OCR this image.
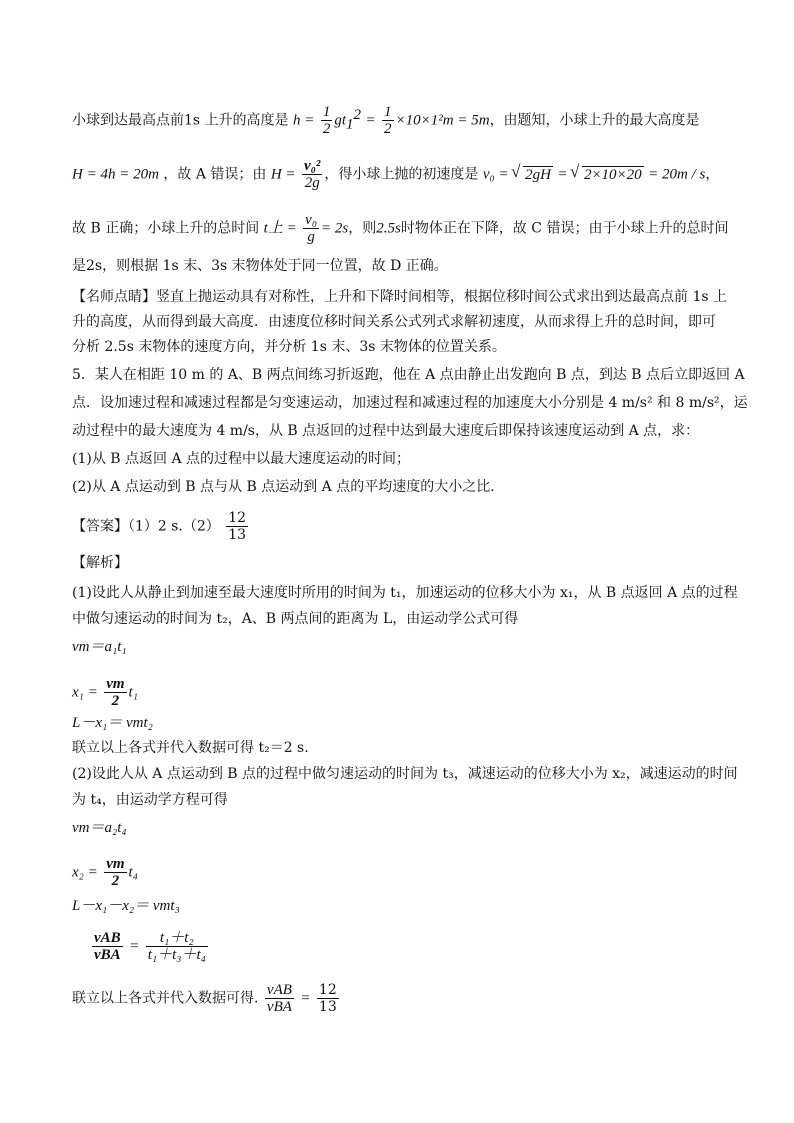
小球到达最高点前1s 上升的高度是 $h = \frac{1}{2} gt_1^2 = \frac{1}{2} \times 10\times 1^2m = 5m$，由题知，小球上升的最大高度是
H = 4h = 20m ，故 A 错误；由 $H = \frac{\text{v₀²}}{2g}$ ，得小球上抛的初速度是 v₀ = √ 2gH = √ 2×10×20 = 20m / s，
故 B 正确；小球上升的总时间 t上 = $\frac{\text{v₀}}{g} = 2s$，则2.5s时物体正在下降，故 C 错误；由于小球上升的总时间
是2s，则根据 1s 末、3s 末物体处于同一位置，故 D 正确。
【名师点睛】竖直上抛运动具有对称性，上升和下降时间相等，根据位移时间公式求出到达最高点前 1s 上
升的高度，从而得到最大高度．由速度位移时间关系公式列式求解初速度，从而求得上升的总时间，即可
分析 2.5s 末物体的速度方向，并分析 1s 末、3s 末物体的位置关系。
5．某人在相距 10 m 的 A、B 两点间练习折返跑，他在 A 点由静止出发跑向 B 点，到达 B 点后立即返回 A
点．设加速过程和减速过程都是匀变速运动，加速过程和减速过程的加速度大小分别是 4 m/s² 和 8 m/s²，运
动过程中的最大速度为 4 m/s，从 B 点返回的过程中达到最大速度后即保持该速度运动到 A 点，求：
(1)从 B 点返回 A 点的过程中以最大速度运动的时间；
(2)从 A 点运动到 B 点与从 B 点运动到 A 点的平均速度的大小之比．
【答案】（1）2 $s.(2) \frac{12}{13}$
【解析】
(1)设此人从静止到加速至最大速度时所用的时间为 t₁，加速运动的位移大小为 x₁，从 B 点返回 A 点的过程
中做匀速运动的时间为 t₂，A、B 两点间的距离为 L，由运动学公式可得
vm＝a₁t₁
$x_1 = \frac{vm}{2} t_1$
L－x₁＝ vmt₂
联立以上各式并代入数据可得 t₂＝2 s.
(2)设此人从 A 点运动到 B 点的过程中做匀速运动的时间为 t₃，减速运动的位移大小为 x₂，减速运动的时间
为 t₄，由运动学方程可得
vm＝a₂t₄
$x_2 = \frac{vm}{2} t_4$
L－x₁－x₂＝ vmt₃
$\frac{\text{vAB}}{\text{vBA}} = \frac{\text{t₁＋t₂}}{\text{t₁＋t₃＋t₄}}$
联立以上各式并代入数据可得. $\frac{\text{vAB}}{\text{vBA}} = \frac{12}{13}$
